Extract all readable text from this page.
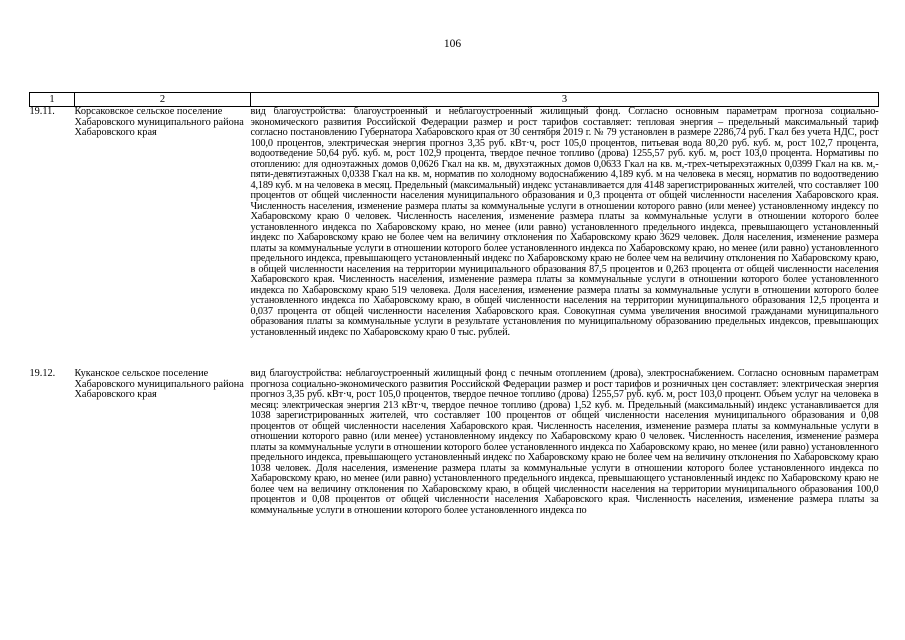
106
1	2	3
19.11.	Корсаковское сельское поселение Хабаровского муниципального района Хабаровского края	вид благоустройства: благоустроенный и неблагоустроенный жилищный фонд. Согласно основным параметрам прогноза социально-экономического развития Российской Федерации размер и рост тарифов составляет: тепловая энергия – предельный максимальный тариф согласно постановлению Губернатора Хабаровского края от 30 сентября 2019 г. № 79 установлен в размере 2286,74 руб. Гкал без учета НДС, рост 100,0 процентов, электрическая энергия прогноз 3,35 руб. кВт·ч, рост 105,0 процентов, питьевая вода 80,20 руб. куб. м, рост 102,7 процента, водоотведение 50,64 руб. куб. м, рост 102,9 процента, твердое печное топливо (дрова) 1255,57 руб. куб. м, рост 103,0 процента. Нормативы по отоплению: для одноэтажных домов 0,0626 Гкал на кв. м, двухэтажных домов 0,0633 Гкал на кв. м,-трех-четырехэтажных 0,0399 Гкал на кв. м,-пяти-девятиэтажных 0,0338 Гкал на кв. м, норматив по холодному водоснабжению 4,189 куб. м на человека в месяц, норматив по водоотведению 4,189 куб. м на человека в месяц. Предельный (максимальный) индекс устанавливается для 4148 зарегистрированных жителей, что составляет 100 процентов от общей численности населения муниципального образования и 0,3 процента от общей численности населения Хабаровского края. Численность населения, изменение размера платы за коммунальные услуги в отношении которого равно (или менее) установленному индексу по Хабаровскому краю 0 человек. Численность населения, изменение размера платы за коммунальные услуги в отношении которого более установленного индекса по Хабаровскому краю, но менее (или равно) установленного предельного индекса, превышающего установленный индекс по Хабаровскому краю не более чем на величину отклонения по Хабаровскому краю 3629 человек. Доля населения, изменение размера платы за коммунальные услуги в отношении которого более установленного индекса по Хабаровскому краю, но менее (или равно) установленного предельного индекса, превышающего установленный индекс по Хабаровскому краю не более чем на величину отклонения по Хабаровскому краю, в общей численности населения на территории муниципального образования 87,5 процентов и 0,263 процента от общей численности населения Хабаровского края. Численность населения, изменение размера платы за коммунальные услуги в отношении которого более установленного индекса по Хабаровскому краю 519 человека. Доля населения, изменение размера платы за коммунальные услуги в отношении которого более установленного индекса по Хабаровскому краю, в общей численности населения на территории муниципального образования 12,5 процента и 0,037 процента от общей численности населения Хабаровского края. Совокупная сумма увеличения вносимой гражданами муниципального образования платы за коммунальные услуги в результате установления по муниципальному образованию предельных индексов, превышающих установленный индекс по Хабаровскому краю 0 тыс. рублей.
19.12.	Куканское сельское поселение Хабаровского муниципального района Хабаровского края	вид благоустройства: неблагоустроенный жилищный фонд с печным отоплением (дрова), электроснабжением. Согласно основным параметрам прогноза социально-экономического развития Российской Федерации размер и рост тарифов и розничных цен составляет: электрическая энергия прогноз 3,35 руб. кВт·ч, рост 105,0 процентов, твердое печное топливо (дрова) 1255,57 руб. куб. м, рост 103,0 процент. Объем услуг на человека в месяц: электрическая энергия 213 кВт·ч, твердое печное топливо (дрова) 1,52 куб. м. Предельный (максимальный) индекс устанавливается для 1038 зарегистрированных жителей, что составляет 100 процентов от общей численности населения муниципального образования и 0,08 процентов от общей численности населения Хабаровского края. Численность населения, изменение размера платы за коммунальные услуги в отношении которого равно (или менее) установленному индексу по Хабаровскому краю 0 человек. Численность населения, изменение размера платы за коммунальные услуги в отношении которого более установленного индекса по Хабаровскому краю, но менее (или равно) установленного предельного индекса, превышающего установленный индекс по Хабаровскому краю не более чем на величину отклонения по Хабаровскому краю 1038 человек. Доля населения, изменение размера платы за коммунальные услуги в отношении которого более установленного индекса по Хабаровскому краю, но менее (или равно) установленного предельного индекса, превышающего установленный индекс по Хабаровскому краю не более чем на величину отклонения по Хабаровскому краю, в общей численности населения на территории муниципального образования 100,0 процентов и 0,08 процентов от общей численности населения Хабаровского края. Численность населения, изменение размера платы за коммунальные услуги в отношении которого более установленного индекса по
